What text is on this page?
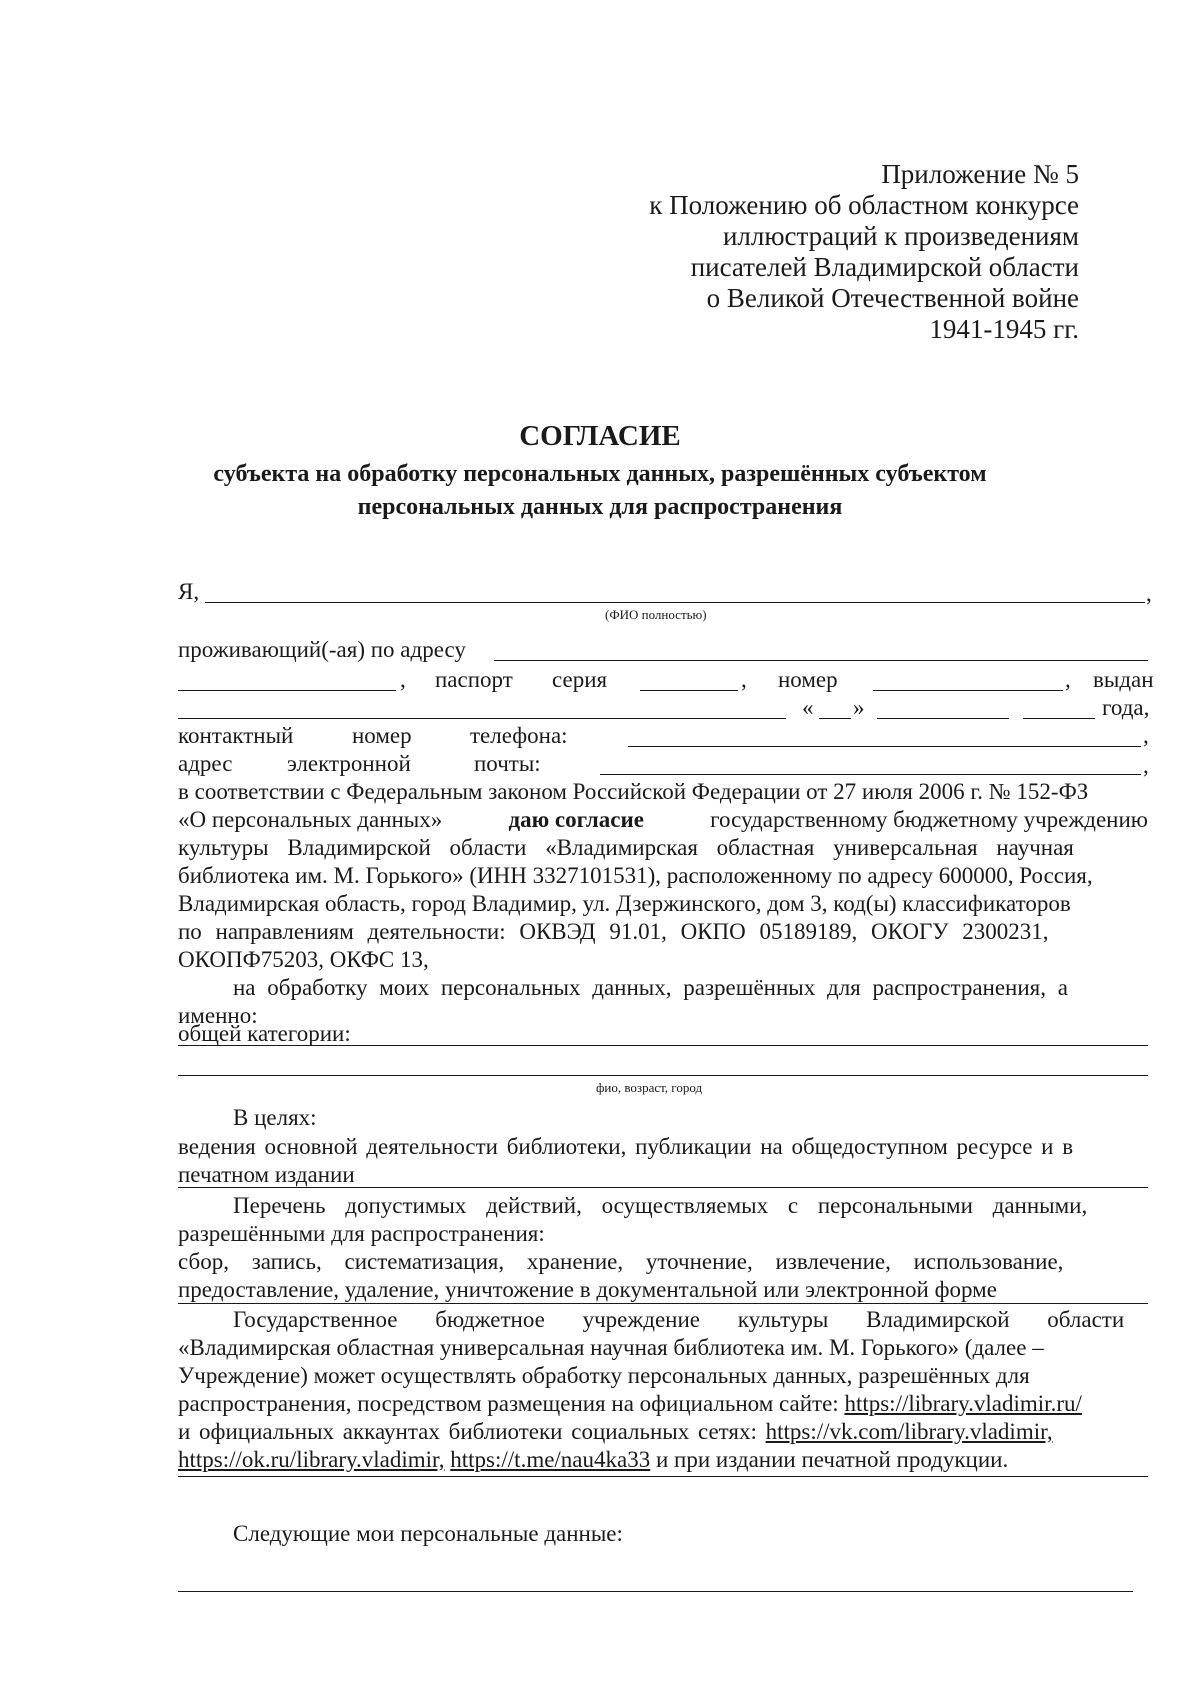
Приложение № 5
к Положению об областном конкурсе
иллюстраций к произведениям
писателей Владимирской области
о Великой Отечественной войне
1941-1945 гг.
СОГЛАСИЕ
субъекта на обработку персональных данных, разрешённых субъектом
персональных данных для распространения
Я,	,
(ФИО полностью)
проживающий(-ая) по адресу
, паспорт серия	, номер	, выдан
« »	года,
контактный	номер	телефона:	,
адрес электронной	почты:	,
в соответствии с Федеральным законом Российской Федерации от 27 июля 2006 г. № 152-ФЗ
«О персональных данных»	даю согласие	государственному бюджетному учреждению
культуры Владимирской области «Владимирская областная универсальная научная
библиотека им. М. Горького» (ИНН 3327101531), расположенному по адресу 600000, Россия,
Владимирская область, город Владимир, ул. Дзержинского, дом 3, код(ы) классификаторов
по направлениям деятельности: ОКВЭД 91.01, ОКПО 05189189, ОКОГУ 2300231,
ОКОПФ75203, ОКФС 13,
на обработку моих персональных данных, разрешённых для распространения, а
именно:
общей категории:
фио, возраст, город
В целях:
ведения основной деятельности библиотеки, публикации на общедоступном ресурсе и в
печатном издании
Перечень допустимых действий, осуществляемых с персональными данными,
разрешёнными для распространения:
сбор, запись, систематизация, хранение, уточнение, извлечение, использование,
предоставление, удаление, уничтожение в документальной или электронной форме
Государственное бюджетное учреждение культуры Владимирской области
«Владимирская областная универсальная научная библиотека им. М. Горького» (далее –
Учреждение) может осуществлять обработку персональных данных, разрешённых для
распространения, посредством размещения на официальном сайте: https://library.vladimir.ru/
и официальных аккаунтах библиотеки социальных сетях: https://vk.com/library.vladimir,
https://ok.ru/library.vladimir, https://t.me/nau4ka33 и при издании печатной продукции.
Следующие мои персональные данные:
